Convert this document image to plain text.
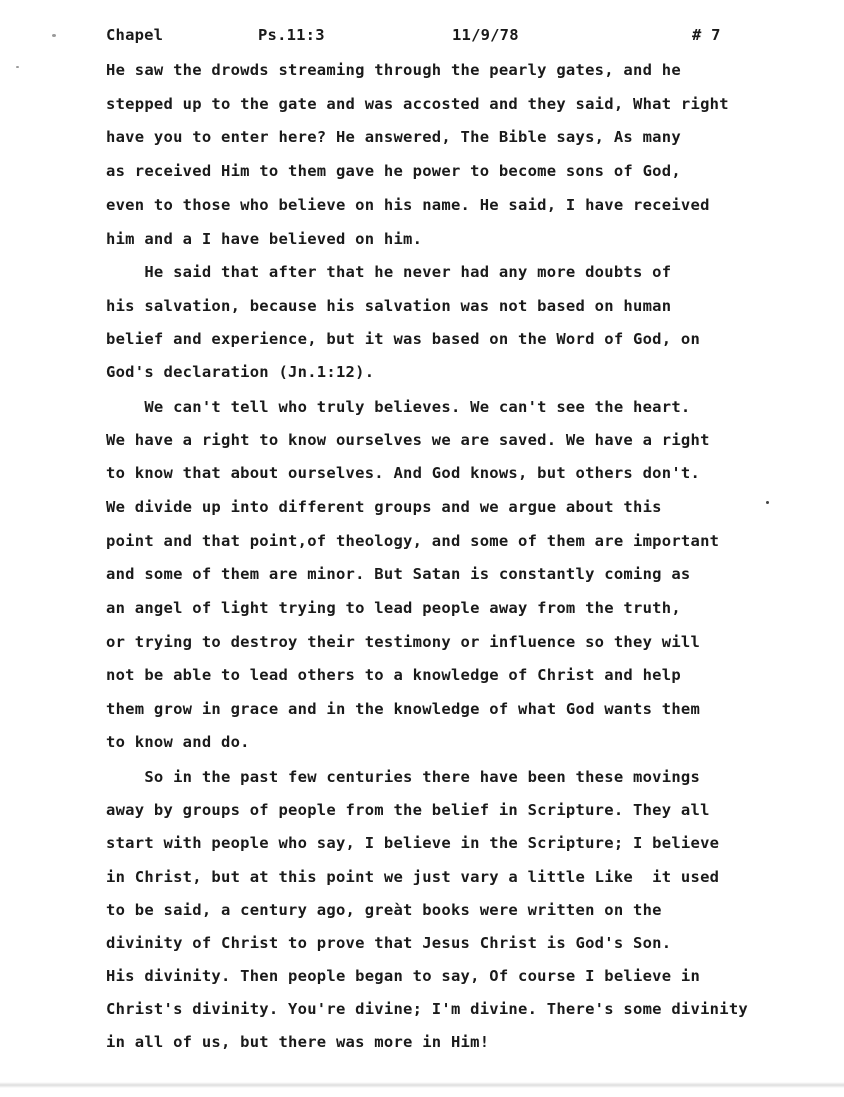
Chapel	Ps.11:3	11/9/78	# 7
He saw the drowds streaming through the pearly gates, and he
stepped up to the gate and was accosted and they said, What right
have you to enter here? He answered, The Bible says, As many
as received Him to them gave he power to become sons of God,
even to those who believe on his name. He said, I have received
him and a I have believed on him.
He said that after that he never had any more doubts of
his salvation, because his salvation was not based on human
belief and experience, but it was based on the Word of God, on
God's declaration (Jn.1:12).
We can't tell who truly believes. We can't see the heart.
We have a right to know ourselves we are saved. We have a right
to know that about ourselves. And God knows, but others don't.
We divide up into different groups and we argue about this
point and that point,of theology, and some of them are important
and some of them are minor. But Satan is constantly coming as
an angel of light trying to lead people away from the truth,
or trying to destroy their testimony or influence so they will
not be able to lead others to a knowledge of Christ and help
them grow in grace and in the knowledge of what God wants them
to know and do.
So in the past few centuries there have been these movings
away by groups of people from the belief in Scripture. They all
start with people who say, I believe in the Scripture; I believe
in Christ, but at this point we just vary a little Like  it used
to be said, a century ago, greàt books were written on the
divinity of Christ to prove that Jesus Christ is God's Son.
His divinity. Then people began to say, Of course I believe in
Christ's divinity. You're divine; I'm divine. There's some divinity
in all of us, but there was more in Him!
